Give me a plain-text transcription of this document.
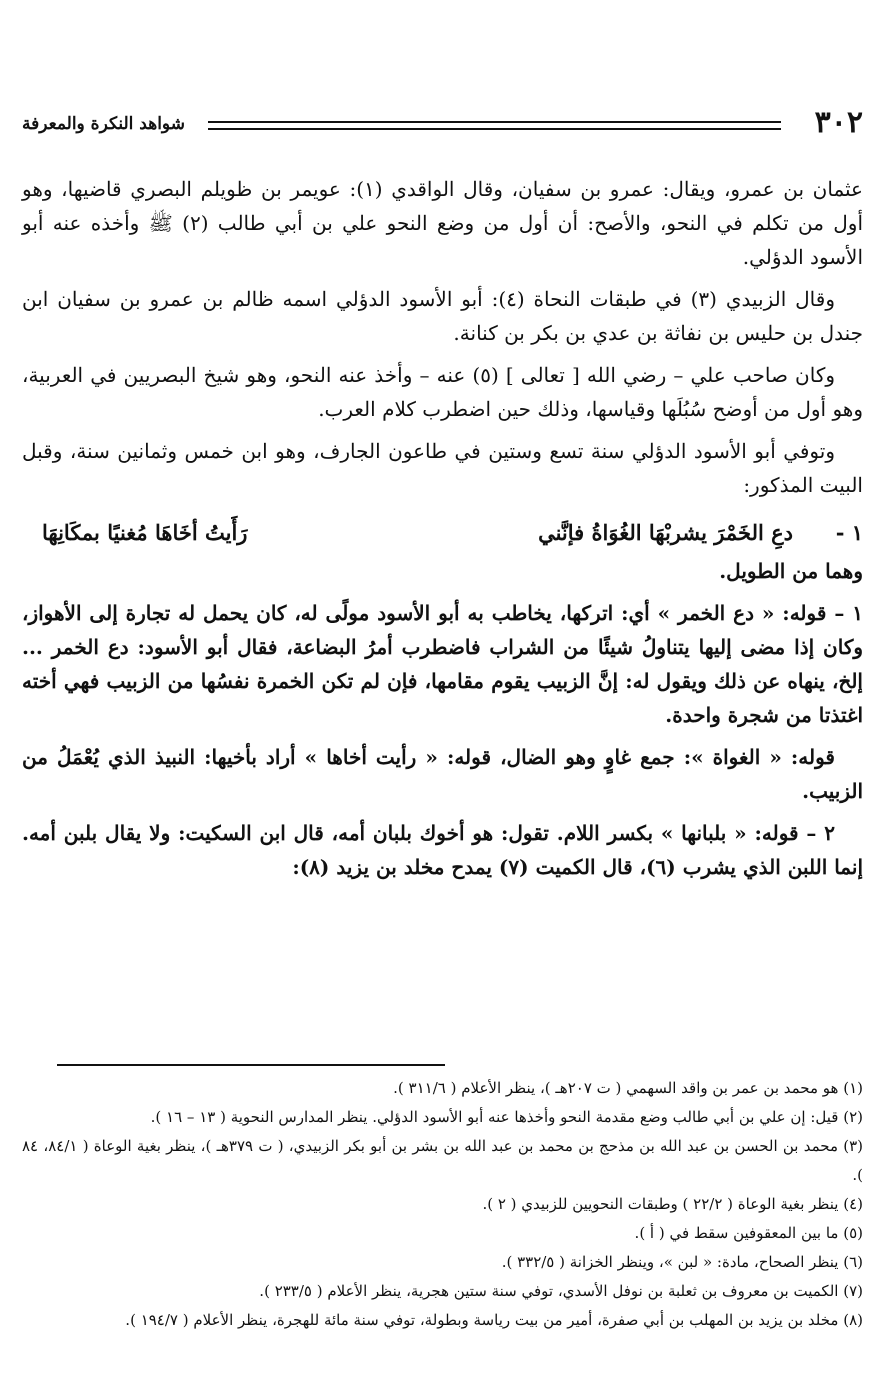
٣٠٢
شواهد النكرة والمعرفة

عثمان بن عمرو، ويقال: عمرو بن سفيان، وقال الواقدي (١): عويمر بن ظويلم البصري قاضيها، وهو أول من تكلم في النحو، والأصح: أن أول من وضع النحو علي بن أبي طالب (٢) ﷺ وأخذه عنه أبو الأسود الدؤلي.

وقال الزبيدي (٣) في طبقات النحاة (٤): أبو الأسود الدؤلي اسمه ظالم بن عمرو بن سفيان ابن جندل بن حليس بن نفاثة بن عدي بن بكر بن كنانة.

وكان صاحب علي – رضي الله [ تعالى ] (٥) عنه – وأخذ عنه النحو، وهو شيخ البصريين في العربية، وهو أول من أوضح سُبُلَها وقياسها، وذلك حين اضطرب كلام العرب.

وتوفي أبو الأسود الدؤلي سنة تسع وستين في طاعون الجارف، وهو ابن خمس وثمانين سنة، وقبل البيت المذكور:

١ -
دعِ الخَمْرَ يشربْهَا الغُوَاةُ فإنَّني
رَأَيتُ أخَاهَا مُغنيًا بمكَانِهَا

وهما من الطويل.

١ – قوله: « دع الخمر » أي: اتركها، يخاطب به أبو الأسود مولًى له، كان يحمل له تجارة إلى الأهواز، وكان إذا مضى إليها يتناولُ شيئًا من الشراب فاضطرب أمرُ البضاعة، فقال أبو الأسود: دع الخمر ... إلخ، ينهاه عن ذلك ويقول له: إنَّ الزبيب يقوم مقامها، فإن لم تكن الخمرة نفسُها من الزبيب فهي أخته اغتذتا من شجرة واحدة.

قوله: « الغواة »: جمع غاوٍ وهو الضال، قوله: « رأيت أخاها » أراد بأخيها: النبيذ الذي يُعْمَلُ من الزبيب.

٢ – قوله: « بلبانها » بكسر اللام. تقول: هو أخوك بلبان أمه، قال ابن السكيت: ولا يقال بلبن أمه. إنما اللبن الذي يشرب (٦)، قال الكميت (٧) يمدح مخلد بن يزيد (٨):

(١) هو محمد بن عمر بن واقد السهمي ( ت ٢٠٧هـ )، ينظر الأعلام ( ٣١١/٦ ).

(٢) قيل: إن علي بن أبي طالب وضع مقدمة النحو وأخذها عنه أبو الأسود الدؤلي. ينظر المدارس النحوية ( ١٣ – ١٦ ).

(٣) محمد بن الحسن بن عبد الله بن مذحج بن محمد بن عبد الله بن بشر بن أبو بكر الزبيدي، ( ت ٣٧٩هـ )، ينظر بغية الوعاة ( ٨٤/١، ٨٤ ).

(٤) ينظر بغية الوعاة ( ٢٢/٢ ) وطبقات النحويين للزبيدي ( ٢ ).

(٥) ما بين المعقوفين سقط في ( أ ).

(٦) ينظر الصحاح، مادة: « لبن »، وينظر الخزانة ( ٣٣٢/٥ ).

(٧) الكميت بن معروف بن ثعلبة بن نوفل الأسدي، توفي سنة ستين هجرية، ينظر الأعلام ( ٢٣٣/٥ ).

(٨) مخلد بن يزيد بن المهلب بن أبي صفرة، أمير من بيت رياسة وبطولة، توفي سنة مائة للهجرة، ينظر الأعلام ( ١٩٤/٧ ).
